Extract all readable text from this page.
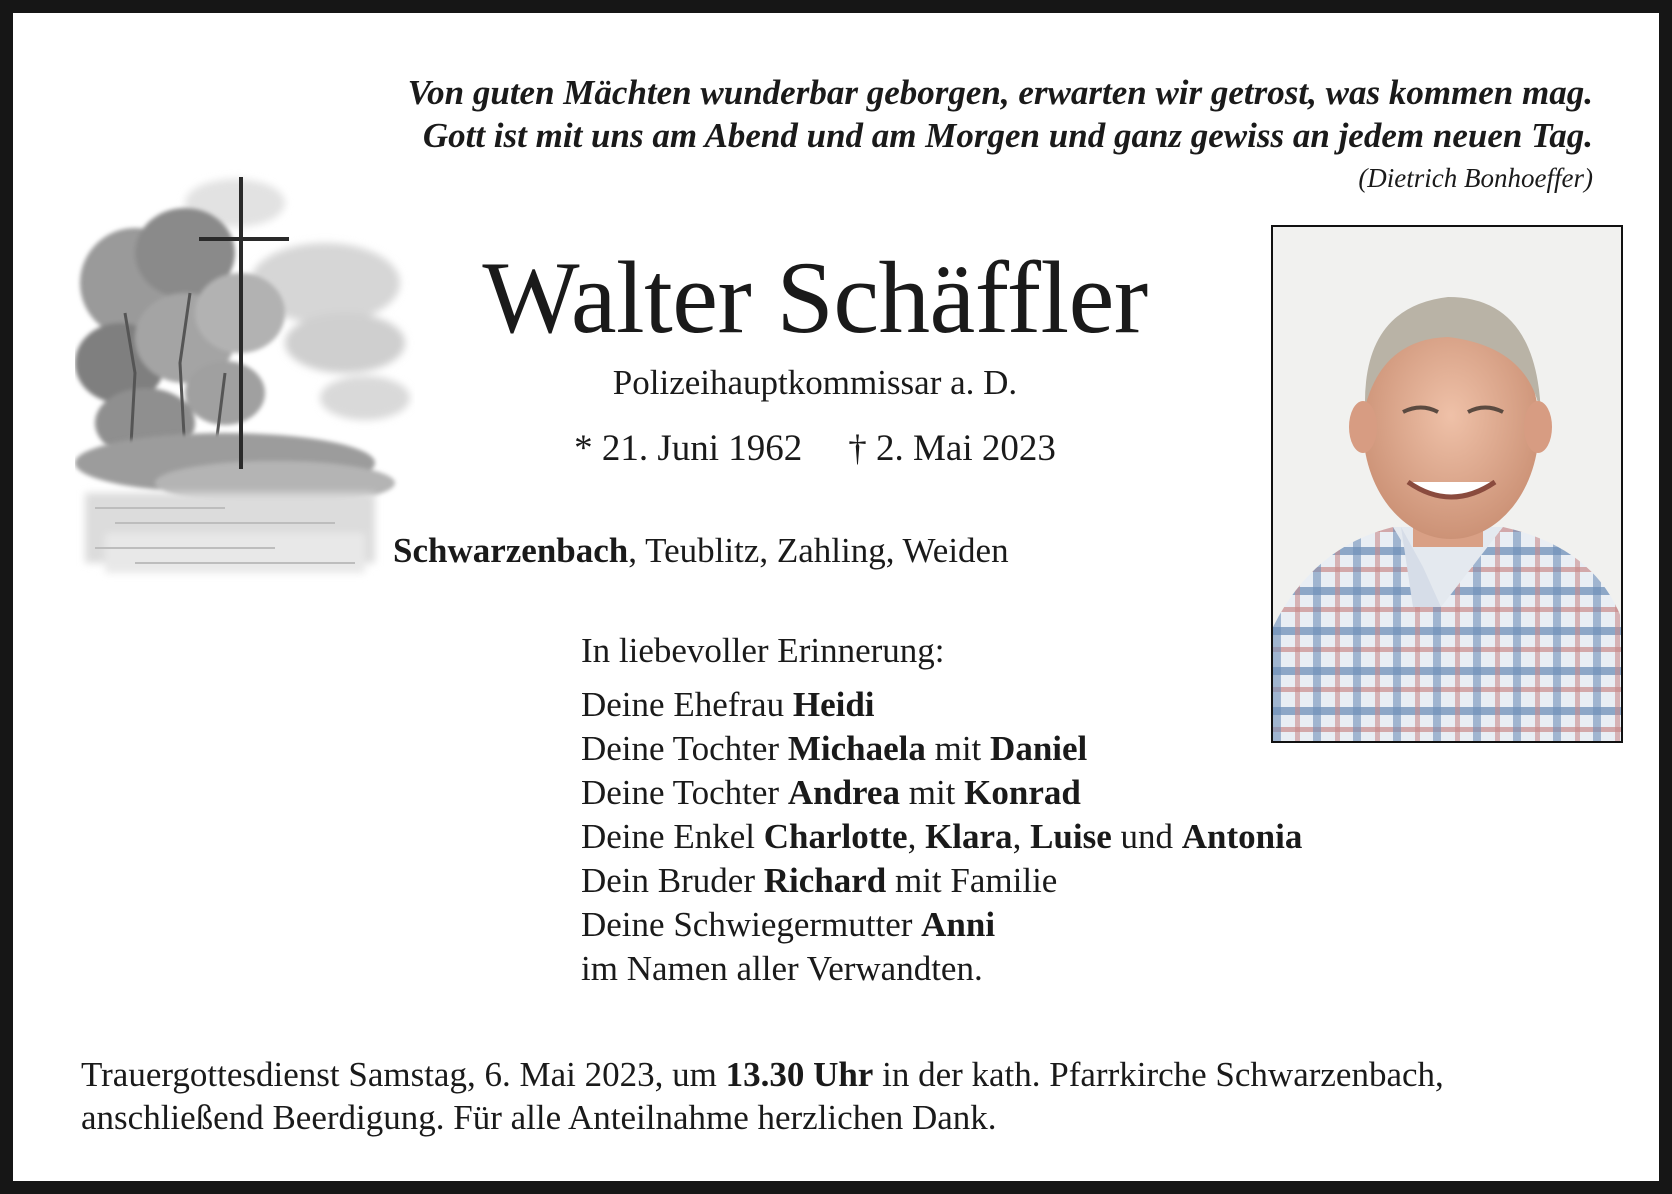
Von guten Mächten wunderbar geborgen, erwarten wir getrost, was kommen mag.
Gott ist mit uns am Abend und am Morgen und ganz gewiss an jedem neuen Tag.

(Dietrich Bonhoeffer)

Walter Schäffler

Polizeihauptkommissar a. D.

* 21. Juni 1962 † 2. Mai 2023

Schwarzenbach, Teublitz, Zahling, Weiden

In liebevoller Erinnerung:

Deine Ehefrau Heidi
Deine Tochter Michaela mit Daniel
Deine Tochter Andrea mit Konrad
Deine Enkel Charlotte, Klara, Luise und Antonia
Dein Bruder Richard mit Familie
Deine Schwiegermutter Anni
im Namen aller Verwandten.

Trauergottesdienst Samstag, 6. Mai 2023, um 13.30 Uhr in der kath. Pfarrkirche Schwarzenbach,
anschließend Beerdigung. Für alle Anteilnahme herzlichen Dank.
